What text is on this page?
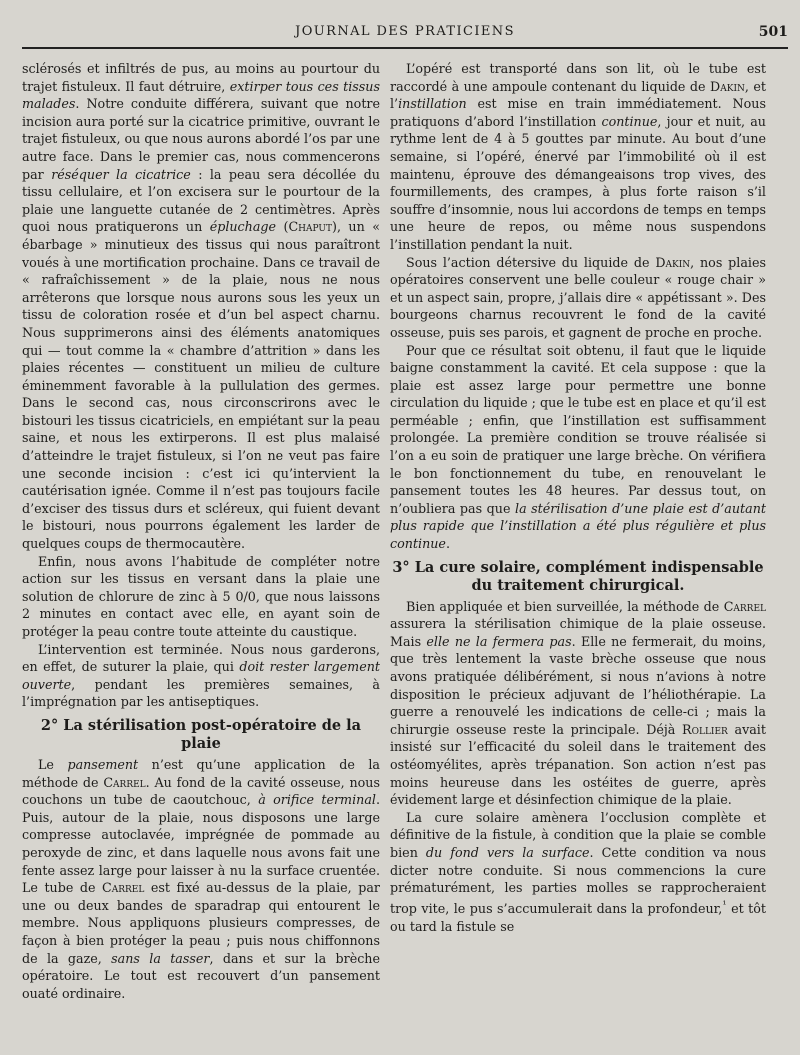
JOURNAL DES PRATICIENS	501

sclérosés et infiltrés de pus, au moins au pourtour du trajet fistuleux. Il faut détruire, extirper tous ces tissus malades. Notre conduite différera, suivant que notre incision aura porté sur la cicatrice primitive, ouvrant le trajet fistuleux, ou que nous aurons abordé l’os par une autre face. Dans le premier cas, nous commencerons par réséquer la cicatrice : la peau sera décollée du tissu cellulaire, et l’on excisera sur le pourtour de la plaie une languette cutanée de 2 centimètres. Après quoi nous pratiquerons un épluchage (Chaput), un « ébarbage » minutieux des tissus qui nous paraîtront voués à une mortification prochaine. Dans ce travail de « rafraîchissement » de la plaie, nous ne nous arrêterons que lorsque nous aurons sous les yeux un tissu de coloration rosée et d’un bel aspect charnu. Nous supprimerons ainsi des éléments anatomiques qui — tout comme la « chambre d’attrition » dans les plaies récentes — constituent un milieu de culture éminemment favorable à la pullulation des germes. Dans le second cas, nous circonscrirons avec le bistouri les tissus cicatriciels, en empiétant sur la peau saine, et nous les extirperons. Il est plus malaisé d’atteindre le trajet fistuleux, si l’on ne veut pas faire une seconde incision : c’est ici qu’intervient la cautérisation ignée. Comme il n’est pas toujours facile d’exciser des tissus durs et scléreux, qui fuient devant le bistouri, nous pourrons également les larder de quelques coups de thermocautère.

Enfin, nous avons l’habitude de compléter notre action sur les tissus en versant dans la plaie une solution de chlorure de zinc à 5 0/0, que nous laissons 2 minutes en contact avec elle, en ayant soin de protéger la peau contre toute atteinte du caustique.

L’intervention est terminée. Nous nous garderons, en effet, de suturer la plaie, qui doit rester largement ouverte, pendant les premières semaines, à l’imprégnation par les antiseptiques.

2° La stérilisation post-opératoire de la plaie

Le pansement n’est qu’une application de la méthode de Carrel. Au fond de la cavité osseuse, nous couchons un tube de caoutchouc, à orifice terminal. Puis, autour de la plaie, nous disposons une large compresse autoclavée, imprégnée de pommade au peroxyde de zinc, et dans laquelle nous avons fait une fente assez large pour laisser à nu la surface cruentée. Le tube de Carrel est fixé au-dessus de la plaie, par une ou deux bandes de sparadrap qui entourent le membre. Nous appliquons plusieurs compresses, de façon à bien protéger la peau ; puis nous chiffonnons de la gaze, sans la tasser, dans et sur la brèche opératoire. Le tout est recouvert d’un pansement ouaté ordinaire.

L’opéré est transporté dans son lit, où le tube est raccordé à une ampoule contenant du liquide de Dakin, et l’instillation est mise en train immédiatement. Nous pratiquons d’abord l’instillation continue, jour et nuit, au rythme lent de 4 à 5 gouttes par minute. Au bout d’une semaine, si l’opéré, énervé par l’immobilité où il est maintenu, éprouve des démangeaisons trop vives, des fourmillements, des crampes, à plus forte raison s’il souffre d’insomnie, nous lui accordons de temps en temps une heure de repos, ou même nous suspendons l’instillation pendant la nuit.

Sous l’action détersive du liquide de Dakin, nos plaies opératoires conservent une belle couleur « rouge chair » et un aspect sain, propre, j’allais dire « appétissant ». Des bourgeons charnus recouvrent le fond de la cavité osseuse, puis ses parois, et gagnent de proche en proche.

Pour que ce résultat soit obtenu, il faut que le liquide baigne constamment la cavité. Et cela suppose : que la plaie est assez large pour permettre une bonne circulation du liquide ; que le tube est en place et qu’il est perméable ; enfin, que l’instillation est suffisamment prolongée. La première condition se trouve réalisée si l’on a eu soin de pratiquer une large brèche. On vérifiera le bon fonctionnement du tube, en renouvelant le pansement toutes les 48 heures. Par dessus tout, on n’oubliera pas que la stérilisation d’une plaie est d’autant plus rapide que l’instillation a été plus régulière et plus continue.

3° La cure solaire, complément indispensable
du traitement chirurgical.

Bien appliquée et bien surveillée, la méthode de Carrel assurera la stérilisation chimique de la plaie osseuse. Mais elle ne la fermera pas. Elle ne fermerait, du moins, que très lentement la vaste brèche osseuse que nous avons pratiquée délibérément, si nous n’avions à notre disposition le précieux adjuvant de l’héliothérapie. La guerre a renouvelé les indications de celle-ci ; mais la chirurgie osseuse reste la principale. Déjà Rollier avait insisté sur l’efficacité du soleil dans le traitement des ostéomyélites, après trépanation. Son action n’est pas moins heureuse dans les ostéites de guerre, après évidement large et désinfection chimique de la plaie.

La cure solaire amènera l’occlusion complète et définitive de la fistule, à condition que la plaie se comble bien du fond vers la surface. Cette condition va nous dicter notre conduite. Si nous commencions la cure prématurément, les parties molles se rapprocheraient trop vite, le pus s’accumulerait dans la profondeur,$^{^1}$ et tôt ou tard la fistule se
